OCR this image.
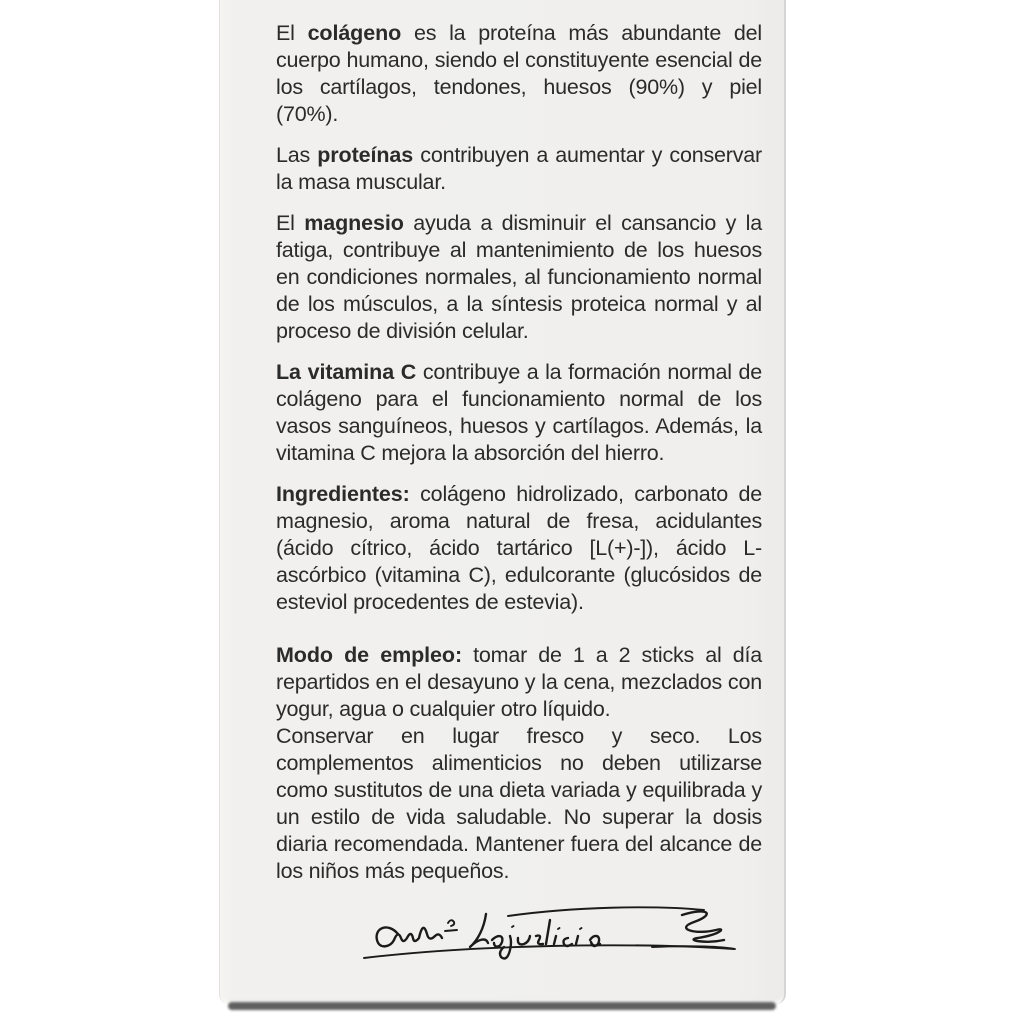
El colágeno es la proteína más abundante del cuerpo humano, siendo el constituyente esencial de los cartílagos, tendones, huesos (90%) y piel (70%).

Las proteínas contribuyen a aumentar y conservar la masa muscular.

El magnesio ayuda a disminuir el cansancio y la fatiga, contribuye al mantenimiento de los huesos en condiciones normales, al funcionamiento normal de los músculos, a la síntesis proteica normal y al proceso de división celular.

La vitamina C contribuye a la formación normal de colágeno para el funcionamiento normal de los vasos sanguíneos, huesos y cartílagos. Además, la vitamina C mejora la absorción del hierro.

Ingredientes: colágeno hidrolizado, carbonato de magnesio, aroma natural de fresa, acidulantes (ácido cítrico, ácido tartárico [L(+)-]), ácido L-ascórbico (vitamina C), edulcorante (glucósidos de esteviol procedentes de estevia).

Modo de empleo: tomar de 1 a 2 sticks al día repartidos en el desayuno y la cena, mezclados con yogur, agua o cualquier otro líquido.

Conservar en lugar fresco y seco. Los complementos alimenticios no deben utilizarse como sustitutos de una dieta variada y equilibrada y un estilo de vida saludable. No superar la dosis diaria recomendada. Mantener fuera del alcance de los niños más pequeños.
